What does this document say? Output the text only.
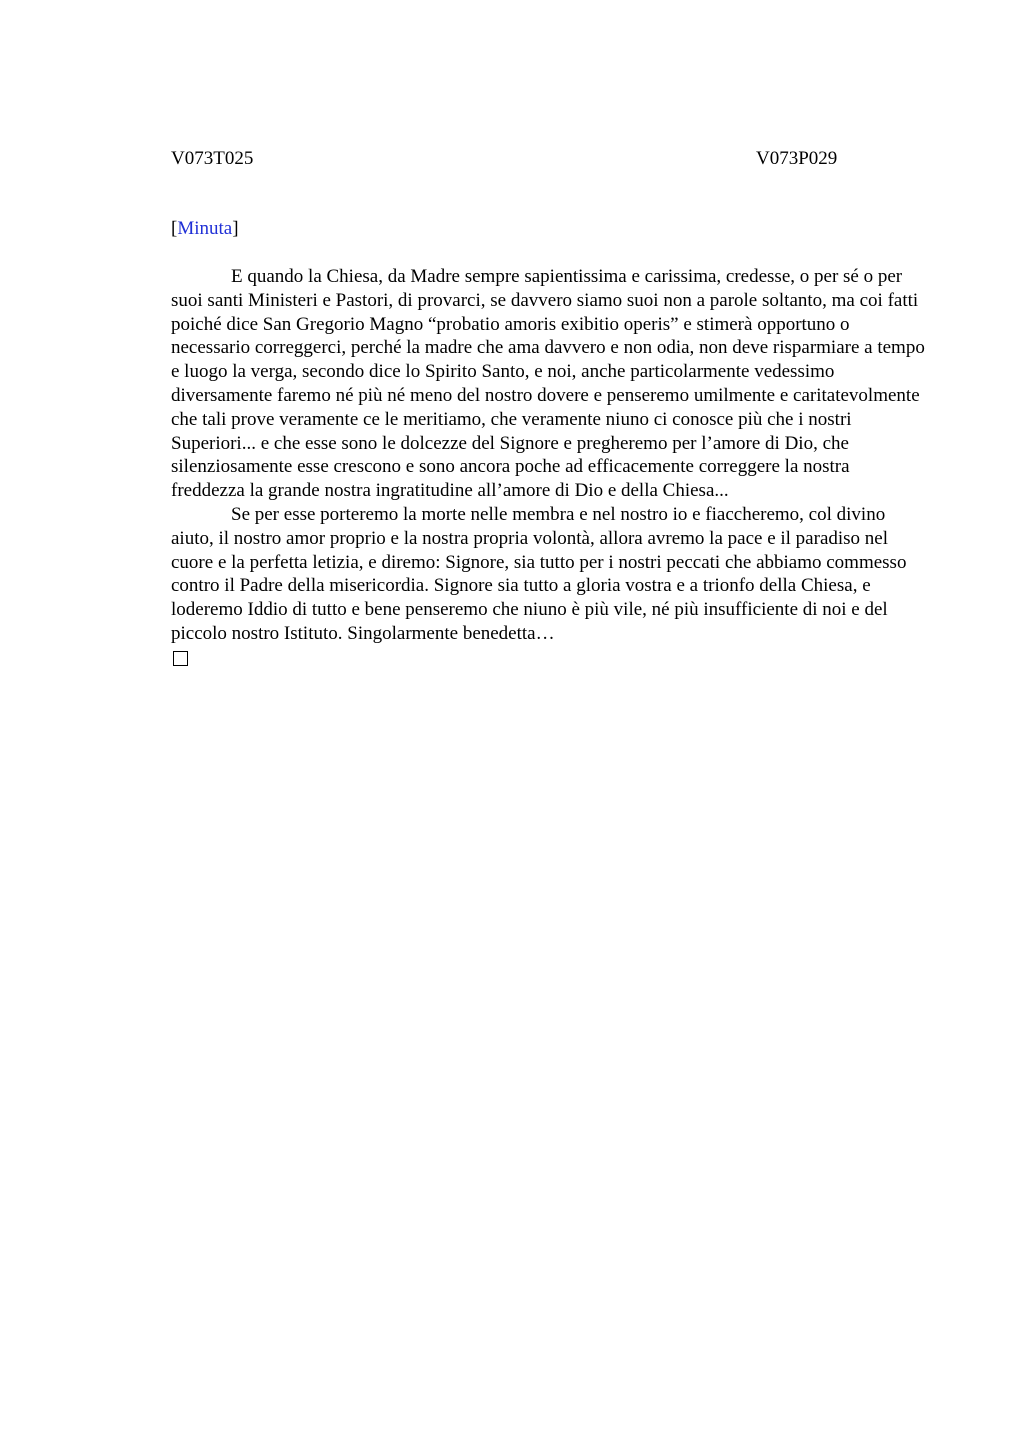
V073T025	V073P029
[Minuta]

E quando la Chiesa, da Madre sempre sapientissima e carissima, credesse, o per sé o per suoi santi Ministeri e Pastori, di provarci, se davvero siamo suoi non a parole soltanto, ma coi fatti poiché dice San Gregorio Magno “probatio amoris exibitio operis” e stimerà opportuno o necessario correggerci, perché la madre che ama davvero e non odia, non deve risparmiare a tempo e luogo la verga, secondo dice lo Spirito Santo, e noi, anche particolarmente vedessimo diversamente faremo né più né meno del nostro dovere e penseremo umilmente e caritatevolmente che tali prove veramente ce le meritiamo, che veramente niuno ci conosce più che i nostri Superiori... e che esse sono le dolcezze del Signore e pregheremo per l’amore di Dio, che silenziosamente esse crescono e sono ancora poche ad efficacemente correggere la nostra freddezza la grande nostra ingratitudine all’amore di Dio e della Chiesa...

Se per esse porteremo la morte nelle membra e nel nostro io e fiaccheremo, col divino aiuto, il nostro amor proprio e la nostra propria volontà, allora avremo la pace e il paradiso nel cuore e la perfetta letizia, e diremo: Signore, sia tutto per i nostri peccati che abbiamo commesso contro il Padre della misericordia. Signore sia tutto a gloria vostra e a trionfo della Chiesa, e loderemo Iddio di tutto e bene penseremo che niuno è più vile, né più insufficiente di noi e del piccolo nostro Istituto. Singolarmente benedetta…
